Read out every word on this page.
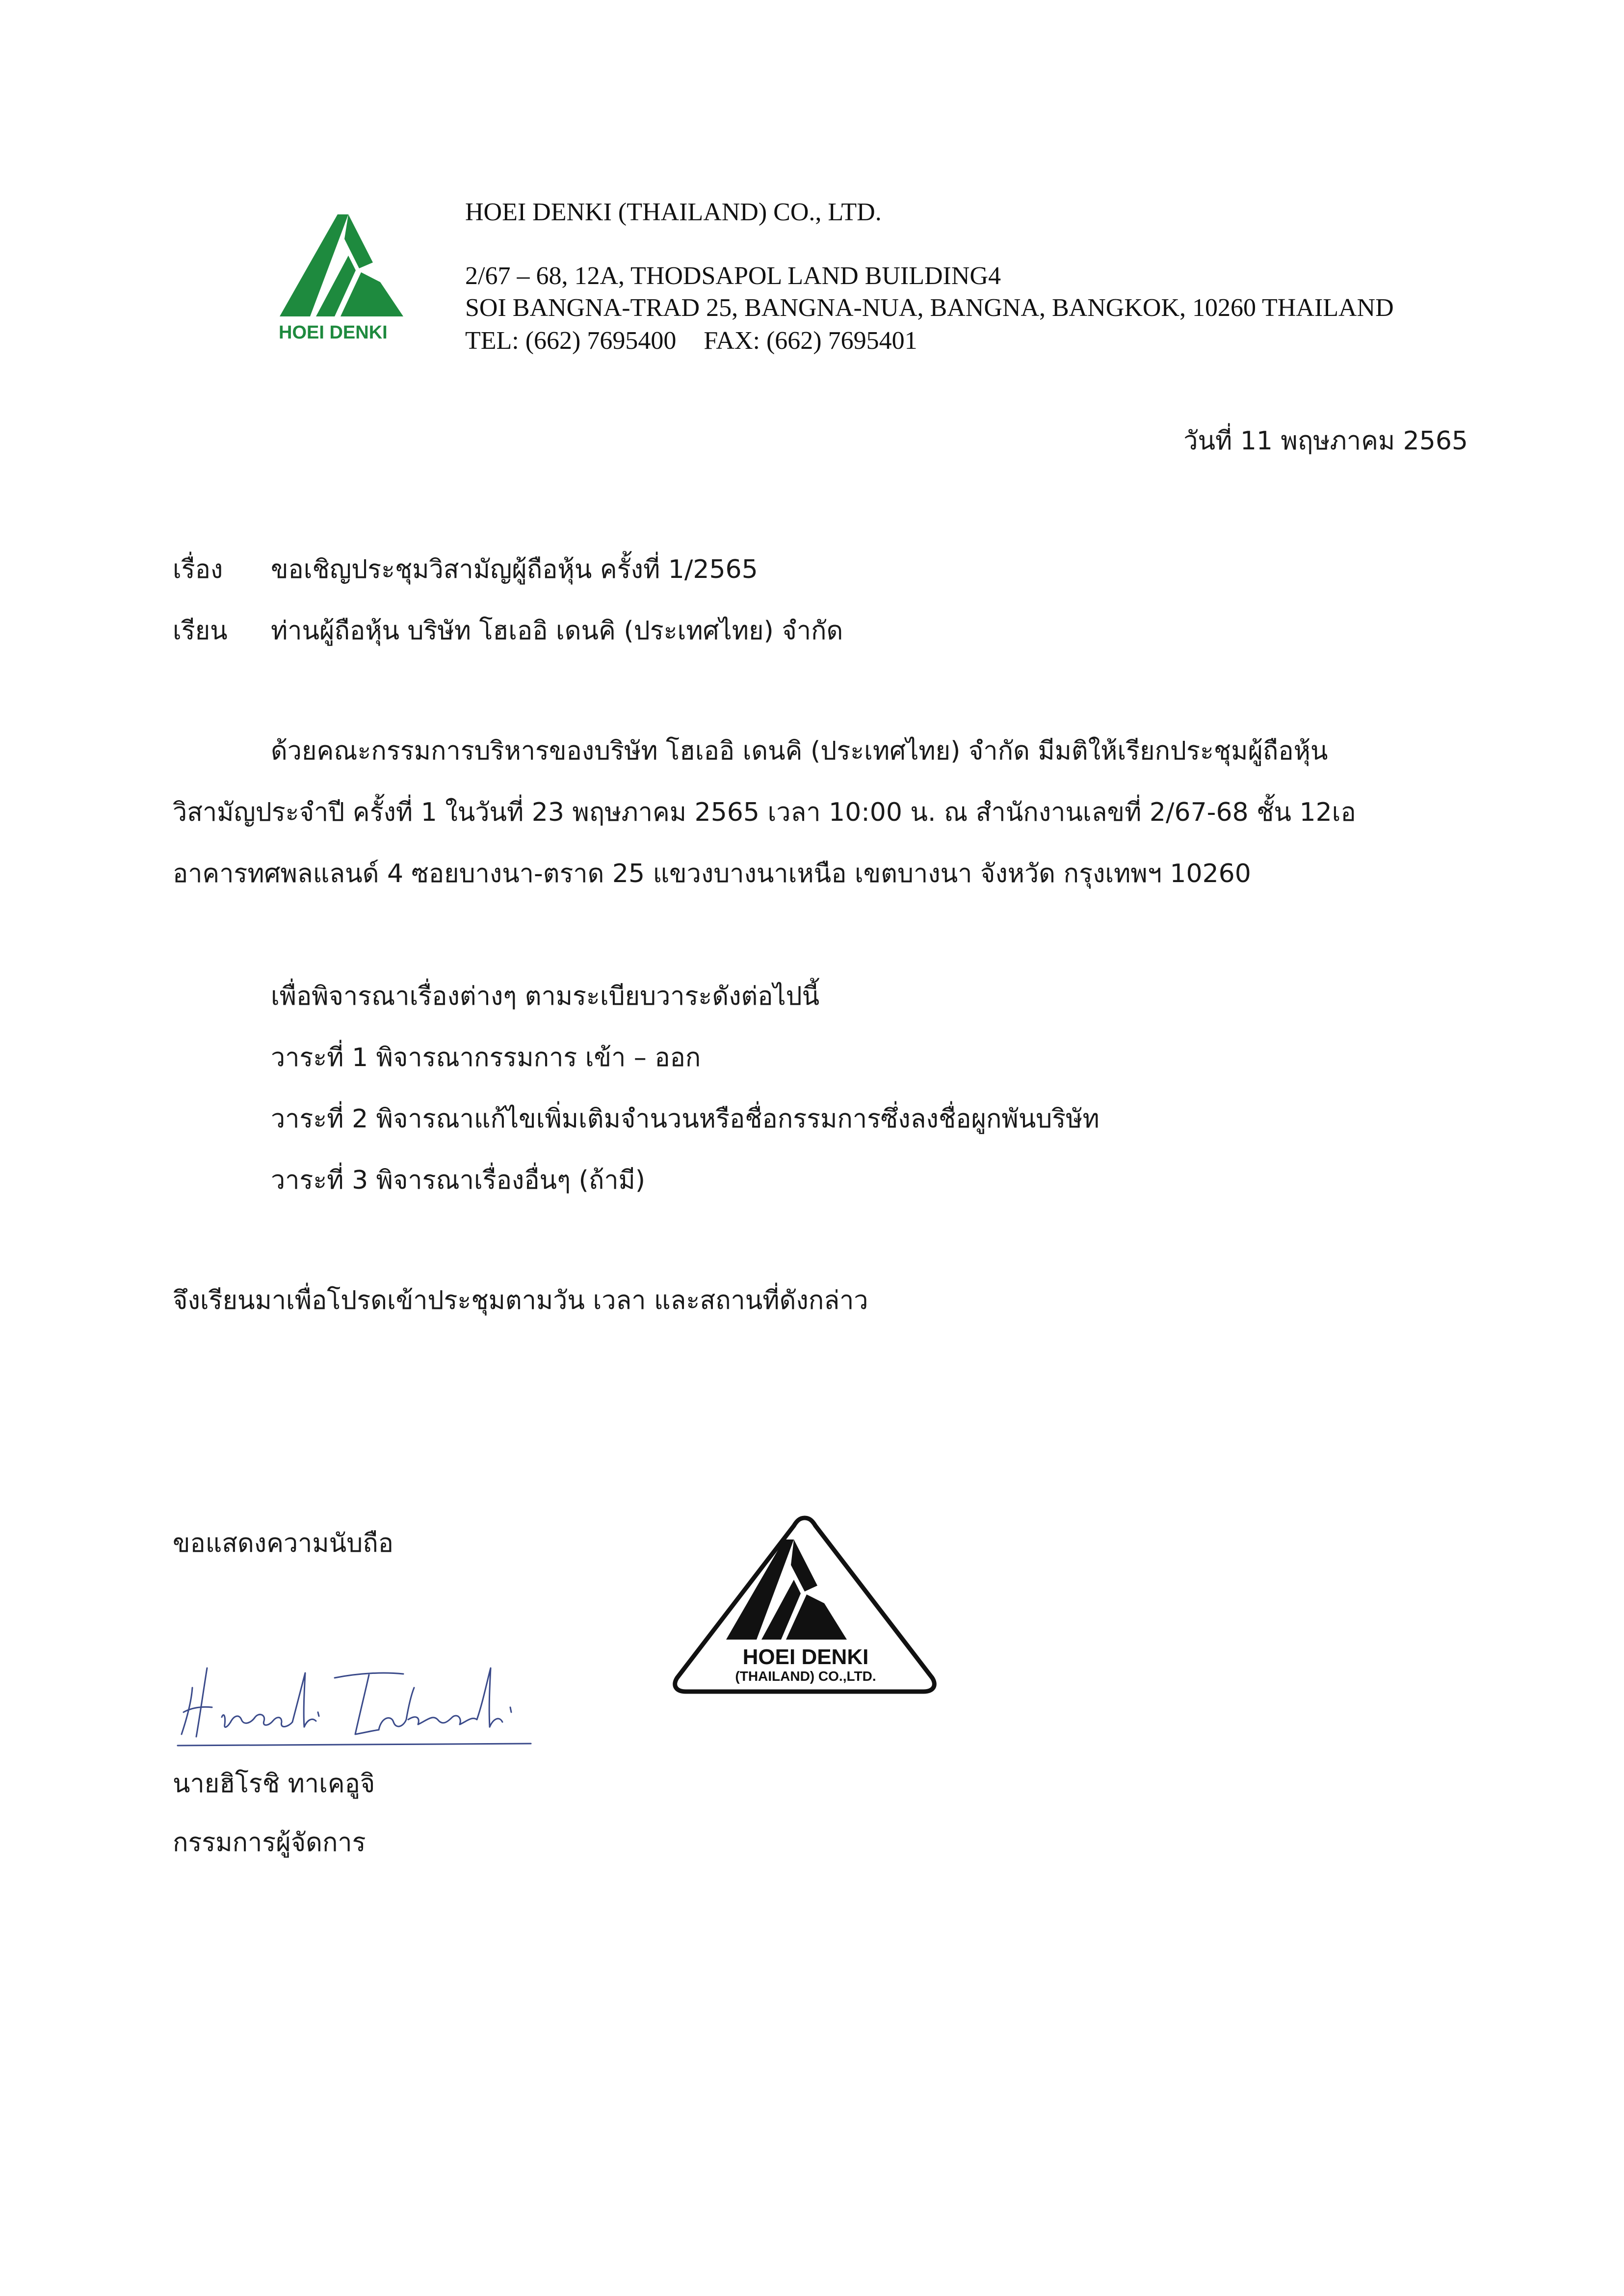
HOEI DENKI
HOEI DENKI (THAILAND) CO., LTD.
2/67 – 68, 12A, THODSAPOL LAND BUILDING4
SOI BANGNA-TRAD 25, BANGNA-NUA, BANGNA, BANGKOK, 10260 THAILAND
TEL: (662) 7695400 FAX: (662) 7695401
วันที่ 11 พฤษภาคม 2565
เรื่อง ขอเชิญประชุมวิสามัญผู้ถือหุ้น ครั้งที่ 1/2565
เรียน ท่านผู้ถือหุ้น บริษัท โฮเออิ เดนคิ (ประเทศไทย) จำกัด
ด้วยคณะกรรมการบริหารของบริษัท โฮเออิ เดนคิ (ประเทศไทย) จำกัด มีมติให้เรียกประชุมผู้ถือหุ้น
วิสามัญประจำปี ครั้งที่ 1 ในวันที่ 23 พฤษภาคม 2565 เวลา 10:00 น. ณ สำนักงานเลขที่ 2/67-68 ชั้น 12เอ
อาคารทศพลแลนด์ 4 ซอยบางนา-ตราด 25 แขวงบางนาเหนือ เขตบางนา จังหวัด กรุงเทพฯ 10260
เพื่อพิจารณาเรื่องต่างๆ ตามระเบียบวาระดังต่อไปนี้
วาระที่ 1 พิจารณากรรมการ เข้า – ออก
วาระที่ 2 พิจารณาแก้ไขเพิ่มเติมจำนวนหรือชื่อกรรมการซึ่งลงชื่อผูกพันบริษัท
วาระที่ 3 พิจารณาเรื่องอื่นๆ (ถ้ามี)
จึงเรียนมาเพื่อโปรดเข้าประชุมตามวัน เวลา และสถานที่ดังกล่าว
ขอแสดงความนับถือ
นายฮิโรชิ ทาเคอูจิ
กรรมการผู้จัดการ
HOEI DENKI
(THAILAND) CO.,LTD.
